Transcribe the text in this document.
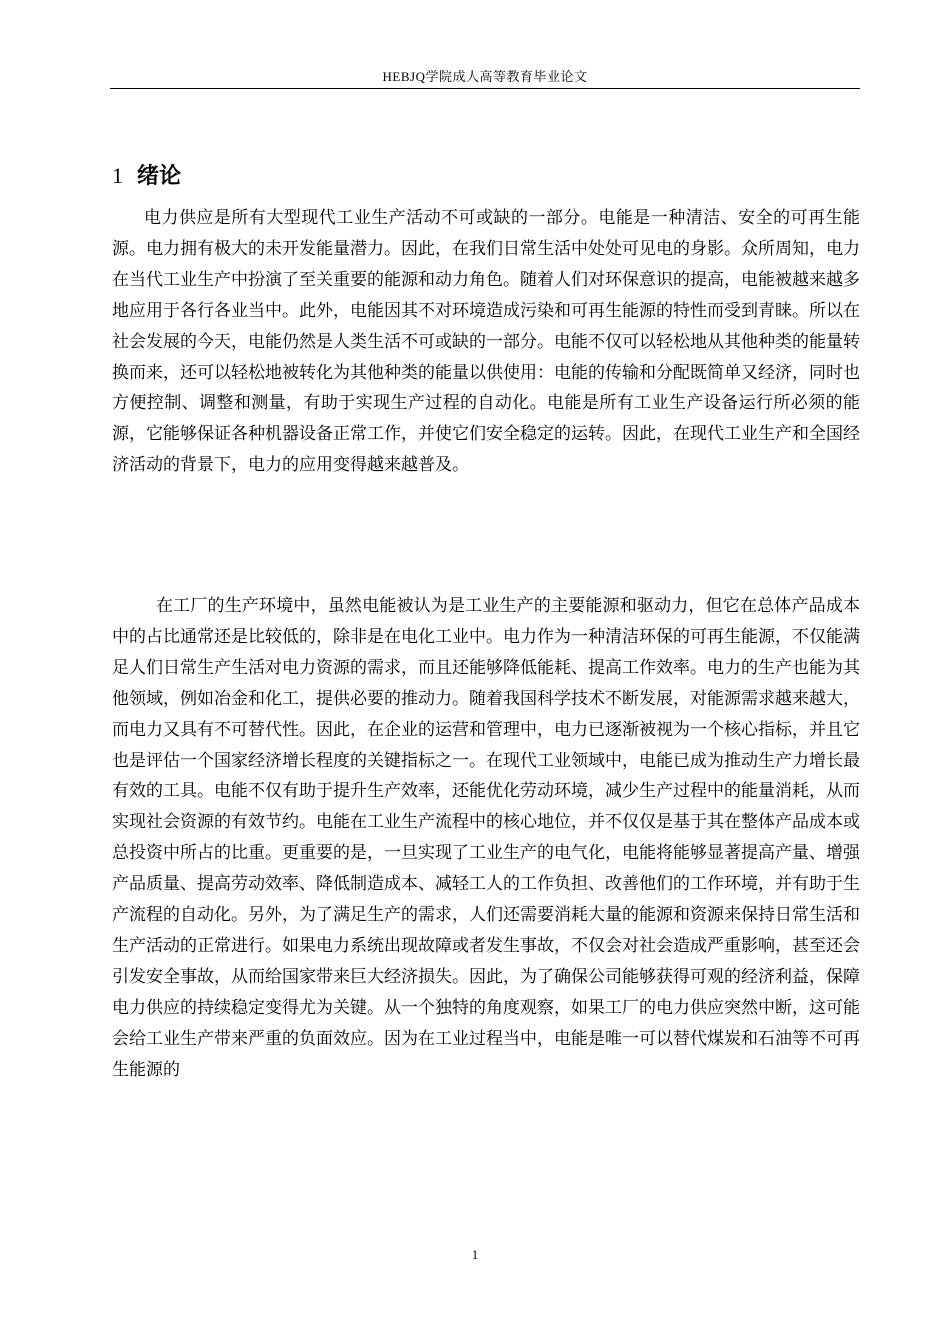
HEBJQ学院成人高等教育毕业论文
1 绪论

电力供应是所有大型现代工业生产活动不可或缺的一部分。电能是一种清洁、安全的可再生能源。电力拥有极大的未开发能量潜力。因此，在我们日常生活中处处可见电的身影。众所周知，电力在当代工业生产中扮演了至关重要的能源和动力角色。随着人们对环保意识的提高，电能被越来越多地应用于各行各业当中。此外，电能因其不对环境造成污染和可再生能源的特性而受到青睐。所以在社会发展的今天，电能仍然是人类生活不可或缺的一部分。电能不仅可以轻松地从其他种类的能量转换而来，还可以轻松地被转化为其他种类的能量以供使用：电能的传输和分配既简单又经济，同时也方便控制、调整和测量，有助于实现生产过程的自动化。电能是所有工业生产设备运行所必须的能源，它能够保证各种机器设备正常工作，并使它们安全稳定的运转。因此，在现代工业生产和全国经济活动的背景下，电力的应用变得越来越普及。

在工厂的生产环境中，虽然电能被认为是工业生产的主要能源和驱动力，但它在总体产品成本中的占比通常还是比较低的，除非是在电化工业中。电力作为一种清洁环保的可再生能源，不仅能满足人们日常生产生活对电力资源的需求，而且还能够降低能耗、提高工作效率。电力的生产也能为其他领域，例如冶金和化工，提供必要的推动力。随着我国科学技术不断发展，对能源需求越来越大，而电力又具有不可替代性。因此，在企业的运营和管理中，电力已逐渐被视为一个核心指标，并且它也是评估一个国家经济增长程度的关键指标之一。在现代工业领域中，电能已成为推动生产力增长最有效的工具。电能不仅有助于提升生产效率，还能优化劳动环境，减少生产过程中的能量消耗，从而实现社会资源的有效节约。电能在工业生产流程中的核心地位，并不仅仅是基于其在整体产品成本或总投资中所占的比重。更重要的是，一旦实现了工业生产的电气化，电能将能够显著提高产量、增强产品质量、提高劳动效率、降低制造成本、减轻工人的工作负担、改善他们的工作环境，并有助于生产流程的自动化。另外，为了满足生产的需求，人们还需要消耗大量的能源和资源来保持日常生活和生产活动的正常进行。如果电力系统出现故障或者发生事故，不仅会对社会造成严重影响，甚至还会引发安全事故，从而给国家带来巨大经济损失。因此，为了确保公司能够获得可观的经济利益，保障电力供应的持续稳定变得尤为关键。从一个独特的角度观察，如果工厂的电力供应突然中断，这可能会给工业生产带来严重的负面效应。因为在工业过程当中，电能是唯一可以替代煤炭和石油等不可再生能源的

1
